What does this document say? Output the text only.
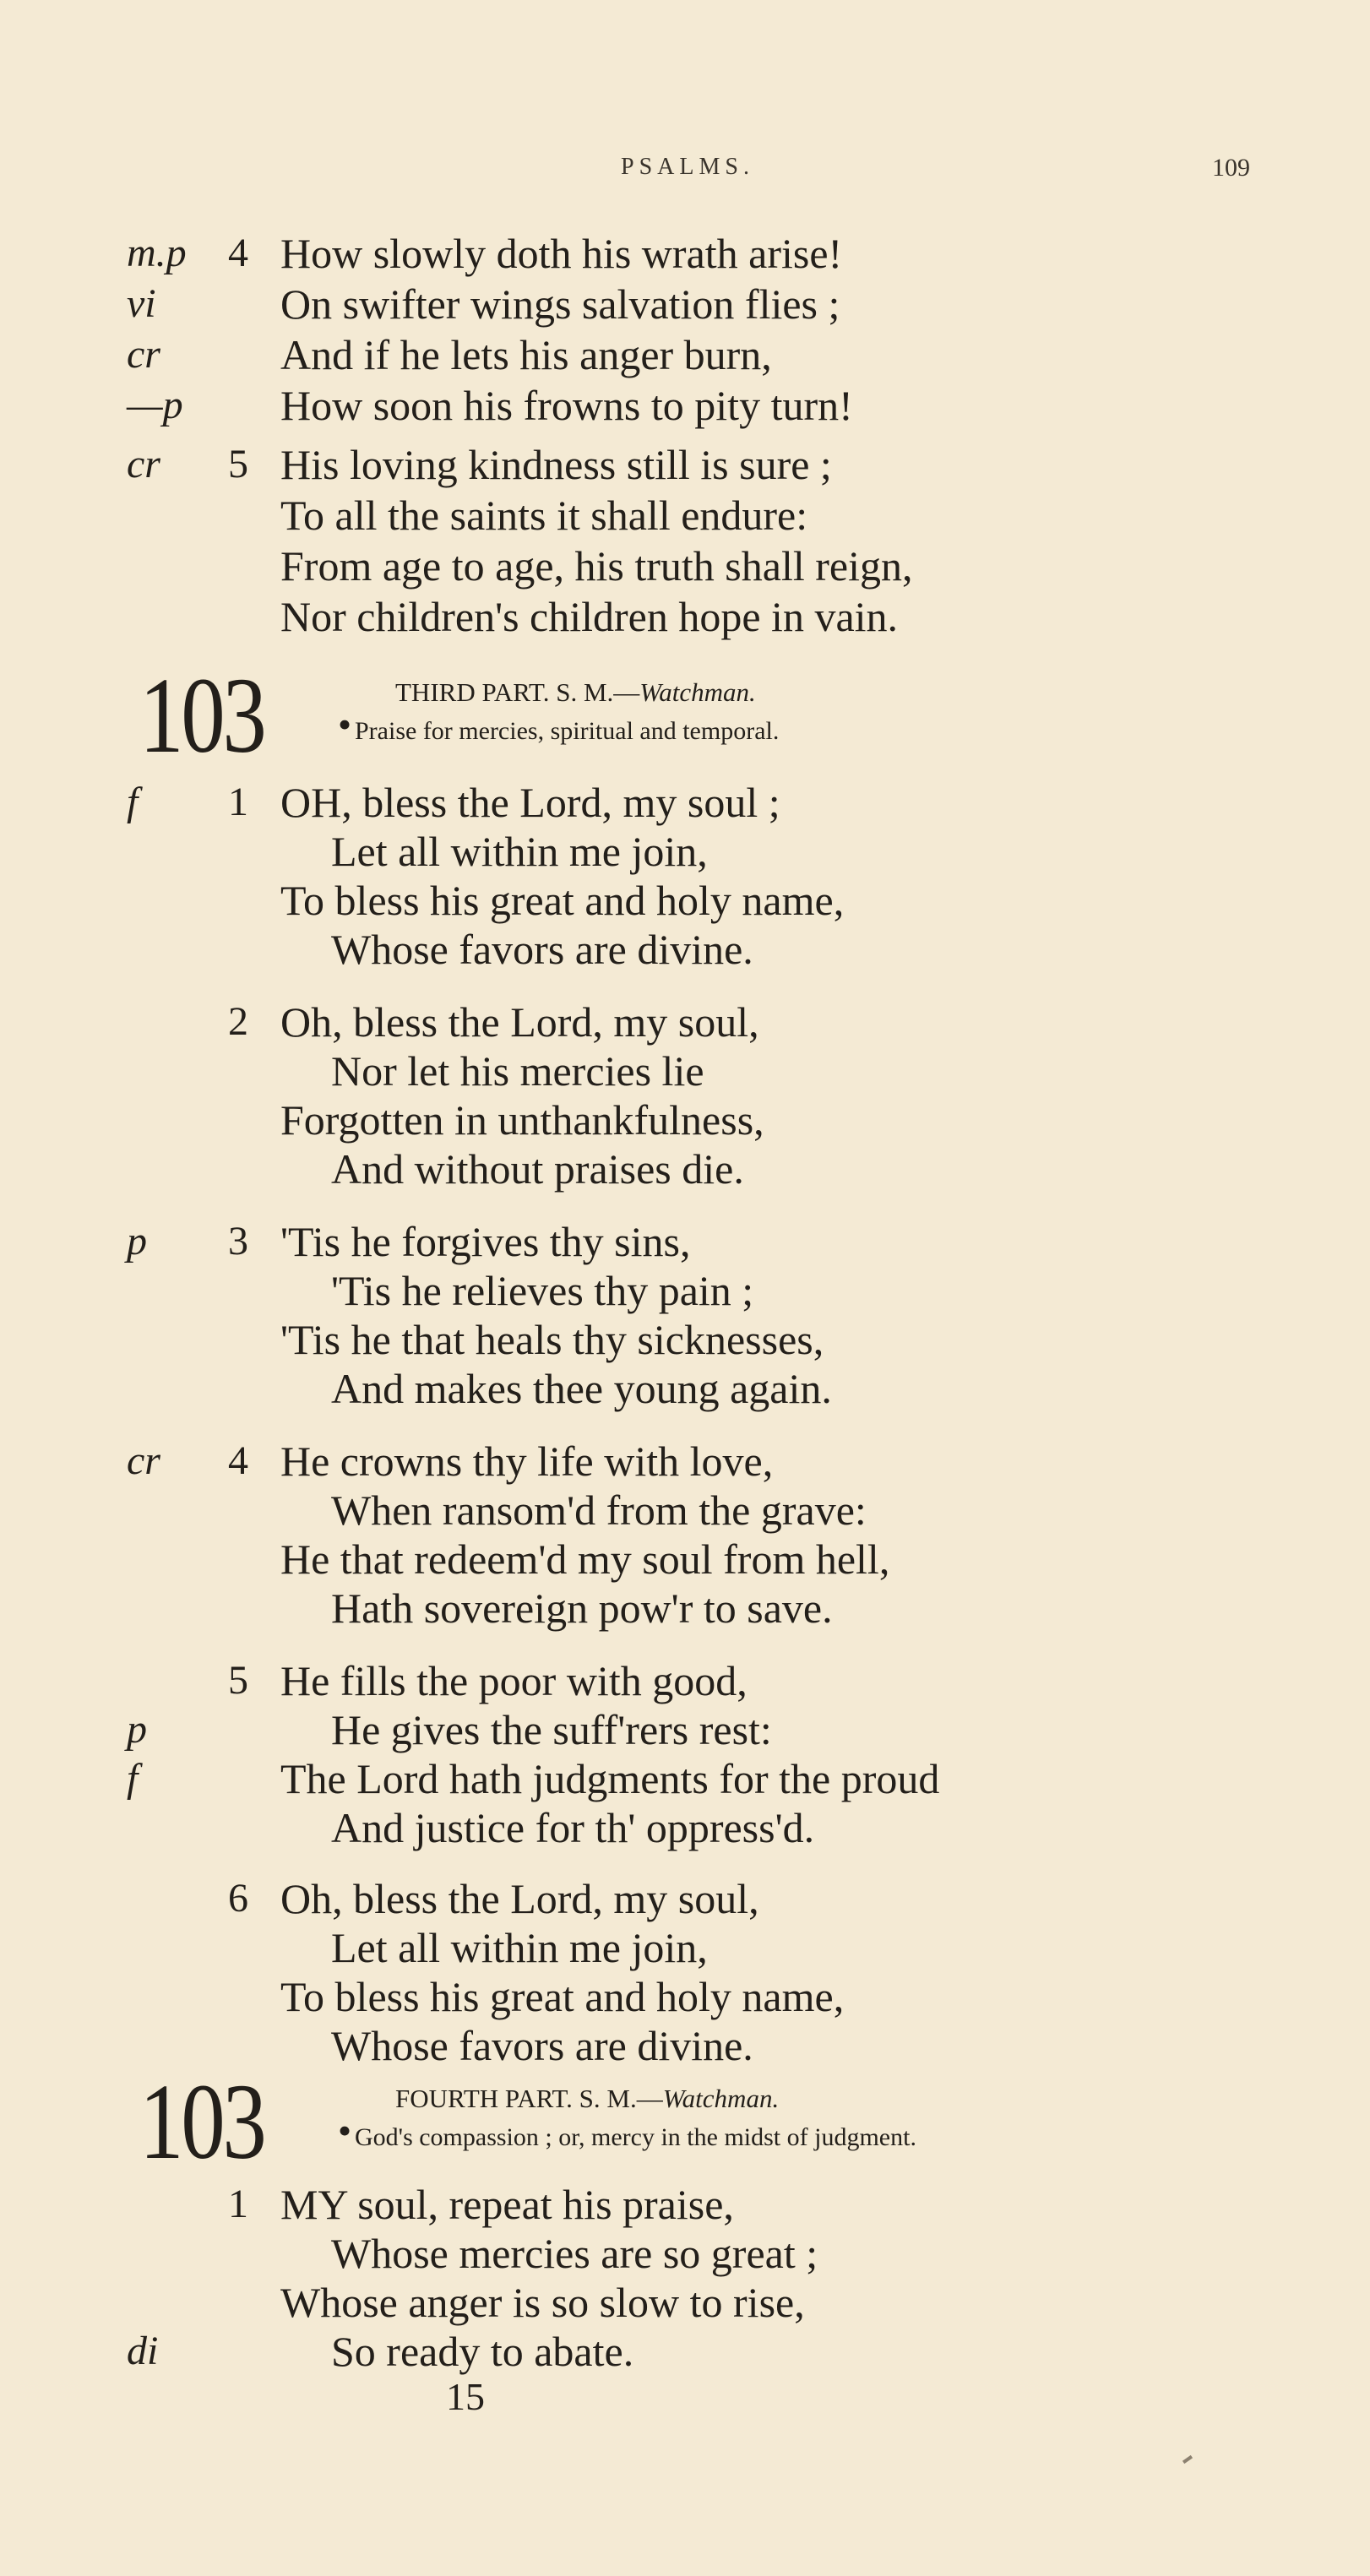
PSALMS.	109
m.p	4 How slowly doth his wrath arise!
vi	On swifter wings salvation flies ;
cr	And if he lets his anger burn,
—p	How soon his frowns to pity turn!
cr	5 His loving kindness still is sure ;
To all the saints it shall endure:
From age to age, his truth shall reign,
Nor children's children hope in vain.
103 •
THIRD PART. S. M.—Watchman.
Praise for mercies, spiritual and temporal.
f	1 OH, bless the Lord, my soul ;
Let all within me join,
To bless his great and holy name,
Whose favors are divine.
2 Oh, bless the Lord, my soul,
Nor let his mercies lie
Forgotten in unthankfulness,
And without praises die.
p	3 'Tis he forgives thy sins,
'Tis he relieves thy pain ;
'Tis he that heals thy sicknesses,
And makes thee young again.
cr	4 He crowns thy life with love,
When ransom'd from the grave:
He that redeem'd my soul from hell,
Hath sovereign pow'r to save.
5 He fills the poor with good,
p	He gives the suff'rers rest:
f	The Lord hath judgments for the proud
And justice for th' oppress'd.
6 Oh, bless the Lord, my soul,
Let all within me join,
To bless his great and holy name,
Whose favors are divine.
103 •
FOURTH PART. S. M.—Watchman.
God's compassion ; or, mercy in the midst of judgment.
1 MY soul, repeat his praise,
Whose mercies are so great ;
Whose anger is so slow to rise,
di	So ready to abate.
15
